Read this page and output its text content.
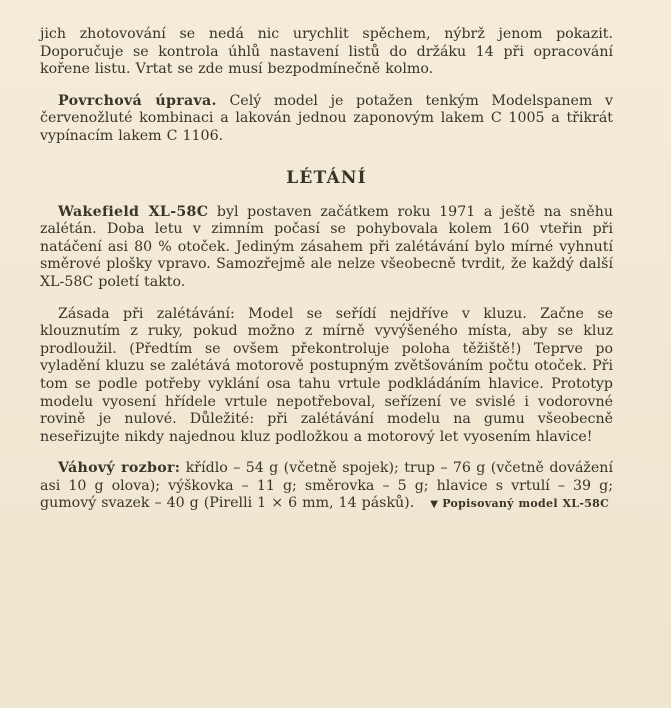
jich zhotovování se nedá nic urychlit spěchem, nýbrž jenom pokazit. Doporučuje se kontrola úhlů nastavení listů do držáku 14 při opracování kořene listu. Vrtat se zde musí bezpodmínečně kolmo.

Povrchová úprava. Celý model je potažen tenkým Modelspanem v červenožluté kombinaci a lakován jednou zaponovým lakem C 1005 a třikrát vypínacím lakem C 1106.

LÉTÁNÍ

Wakefield XL-58C byl postaven začátkem roku 1971 a ještě na sněhu zalétán. Doba letu v zimním počasí se pohybovala kolem 160 vteřin při natáčení asi 80 % otoček. Jediným zásahem při zalétávání bylo mírné vyhnutí směrové plošky vpravo. Samozřejmě ale nelze všeobecně tvrdit, že každý další XL-58C poletí takto.

Zásada při zalétávání: Model se seřídí nejdříve v kluzu. Začne se klouznutím z ruky, pokud možno z mírně vyvýšeného místa, aby se kluz prodloužil. (Předtím se ovšem překontroluje poloha těžiště!) Teprve po vyladění kluzu se zalétává motorově postupným zvětšováním počtu otoček. Při tom se podle potřeby vyklání osa tahu vrtule podkládáním hlavice. Prototyp modelu vyosení hřídele vrtule nepotřeboval, seřízení ve svislé i vodorovné rovině je nulové. Důležité: při zalétávání modelu na gumu všeobecně neseřizujte nikdy najednou kluz podložkou a motorový let vyosením hlavice!

Váhový rozbor: křídlo – 54 g (včetně spojek); trup – 76 g (včetně dovážení asi 10 g olova); výškovka – 11 g; směrovka – 5 g; hlavice s vrtulí – 39 g; gumový svazek – 40 g (Pirelli 1 × 6 mm, 14 pásků). ▼ Popisovaný model XL-58C
